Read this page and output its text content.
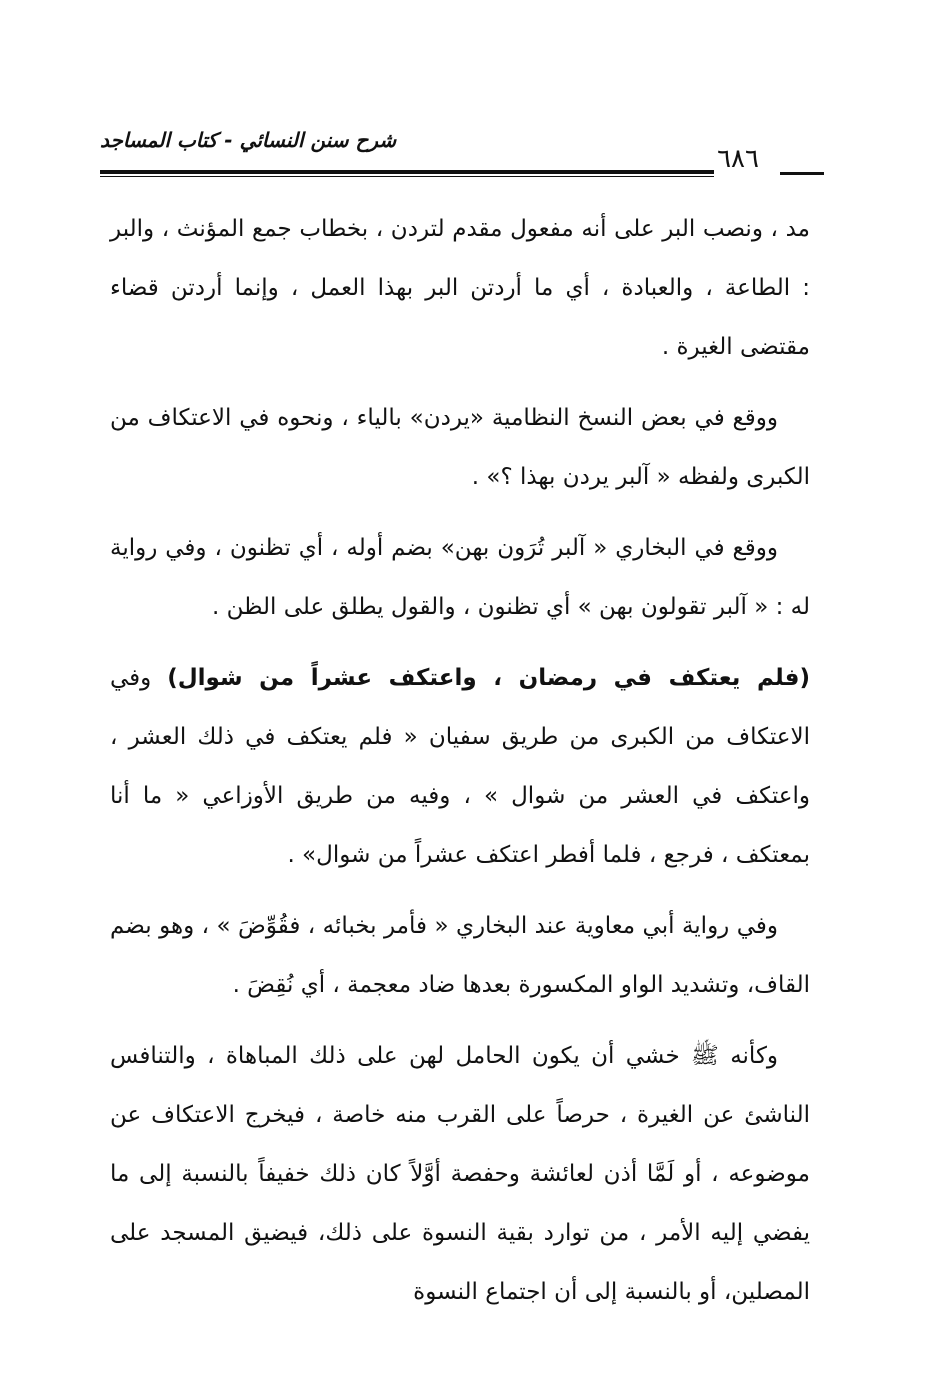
شرح سنن النسائي - كتاب المساجد
٦٨٦

مد ، ونصب البر على أنه مفعول مقدم لتردن ، بخطاب جمع المؤنث ، والبر : الطاعة ، والعبادة ، أي ما أردتن البر بهذا العمل ، وإنما أردتن قضاء مقتضى الغيرة .

ووقع في بعض النسخ النظامية «يردن» بالياء ، ونحوه في الاعتكاف من الكبرى ولفظه « آلبر يردن بهذا ؟» .

ووقع في البخاري « آلبر تُرَون بهن» بضم أوله ، أي تظنون ، وفي رواية له : « آلبر تقولون بهن » أي تظنون ، والقول يطلق على الظن .

(فلم يعتكف في رمضان ، واعتكف عشراً من شوال) وفي الاعتكاف من الكبرى من طريق سفيان « فلم يعتكف في ذلك العشر ، واعتكف في العشر من شوال » ، وفيه من طريق الأوزاعي « ما أنا بمعتكف ، فرجع ، فلما أفطر اعتكف عشراً من شوال» .

وفي رواية أبي معاوية عند البخاري « فأمر بخبائه ، فقُوِّضَ » ، وهو بضم القاف، وتشديد الواو المكسورة بعدها ضاد معجمة ، أي نُقِضَ .

وكأنه ﷺ خشي أن يكون الحامل لهن على ذلك المباهاة ، والتنافس الناشئ عن الغيرة ، حرصاً على القرب منه خاصة ، فيخرج الاعتكاف عن موضوعه ، أو لَمَّا أذن لعائشة وحفصة أوَّلاً كان ذلك خفيفاً بالنسبة إلى ما يفضي إليه الأمر ، من توارد بقية النسوة على ذلك، فيضيق المسجد على المصلين، أو بالنسبة إلى أن اجتماع النسوة
